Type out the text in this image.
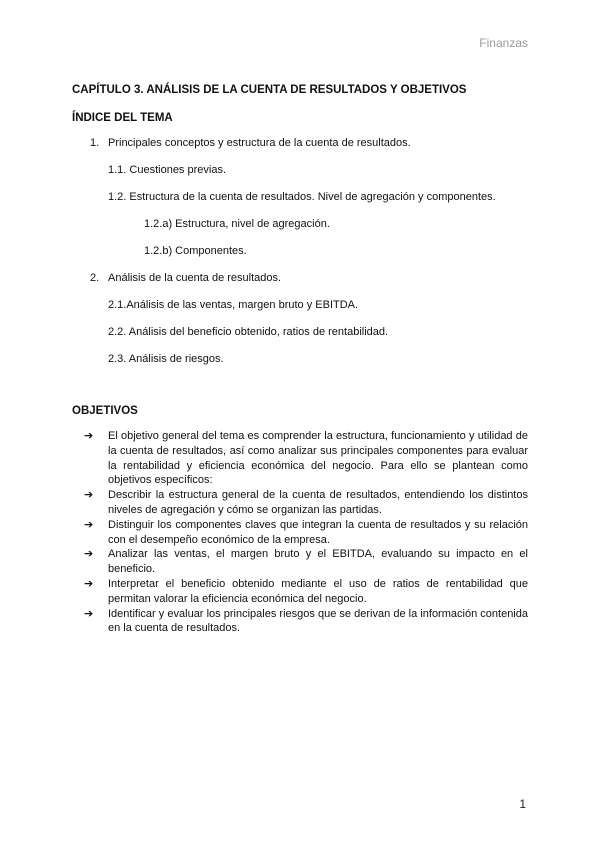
Finanzas
CAPÍTULO 3. ANÁLISIS DE LA CUENTA DE RESULTADOS Y OBJETIVOS
ÍNDICE DEL TEMA
1. Principales conceptos y estructura de la cuenta de resultados.
1.1. Cuestiones previas.
1.2. Estructura de la cuenta de resultados. Nivel de agregación y componentes.
1.2.a) Estructura, nivel de agregación.
1.2.b) Componentes.
2. Análisis de la cuenta de resultados.
2.1.Análisis de las ventas, margen bruto y EBITDA.
2.2. Análisis del beneficio obtenido, ratios de rentabilidad.
2.3. Análisis de riesgos.
OBJETIVOS
➔	El objetivo general del tema es comprender la estructura, funcionamiento y utilidad de la cuenta de resultados, así como analizar sus principales componentes para evaluar la rentabilidad y eficiencia económica del negocio. Para ello se plantean como objetivos específicos:
➔	Describir la estructura general de la cuenta de resultados, entendiendo los distintos niveles de agregación y cómo se organizan las partidas.
➔	Distinguir los componentes claves que integran la cuenta de resultados y su relación con el desempeño económico de la empresa.
➔	Analizar las ventas, el margen bruto y el EBITDA, evaluando su impacto en el beneficio.
➔	Interpretar el beneficio obtenido mediante el uso de ratios de rentabilidad que permitan valorar la eficiencia económica del negocio.
➔	Identificar y evaluar los principales riesgos que se derivan de la información contenida en la cuenta de resultados.
1
